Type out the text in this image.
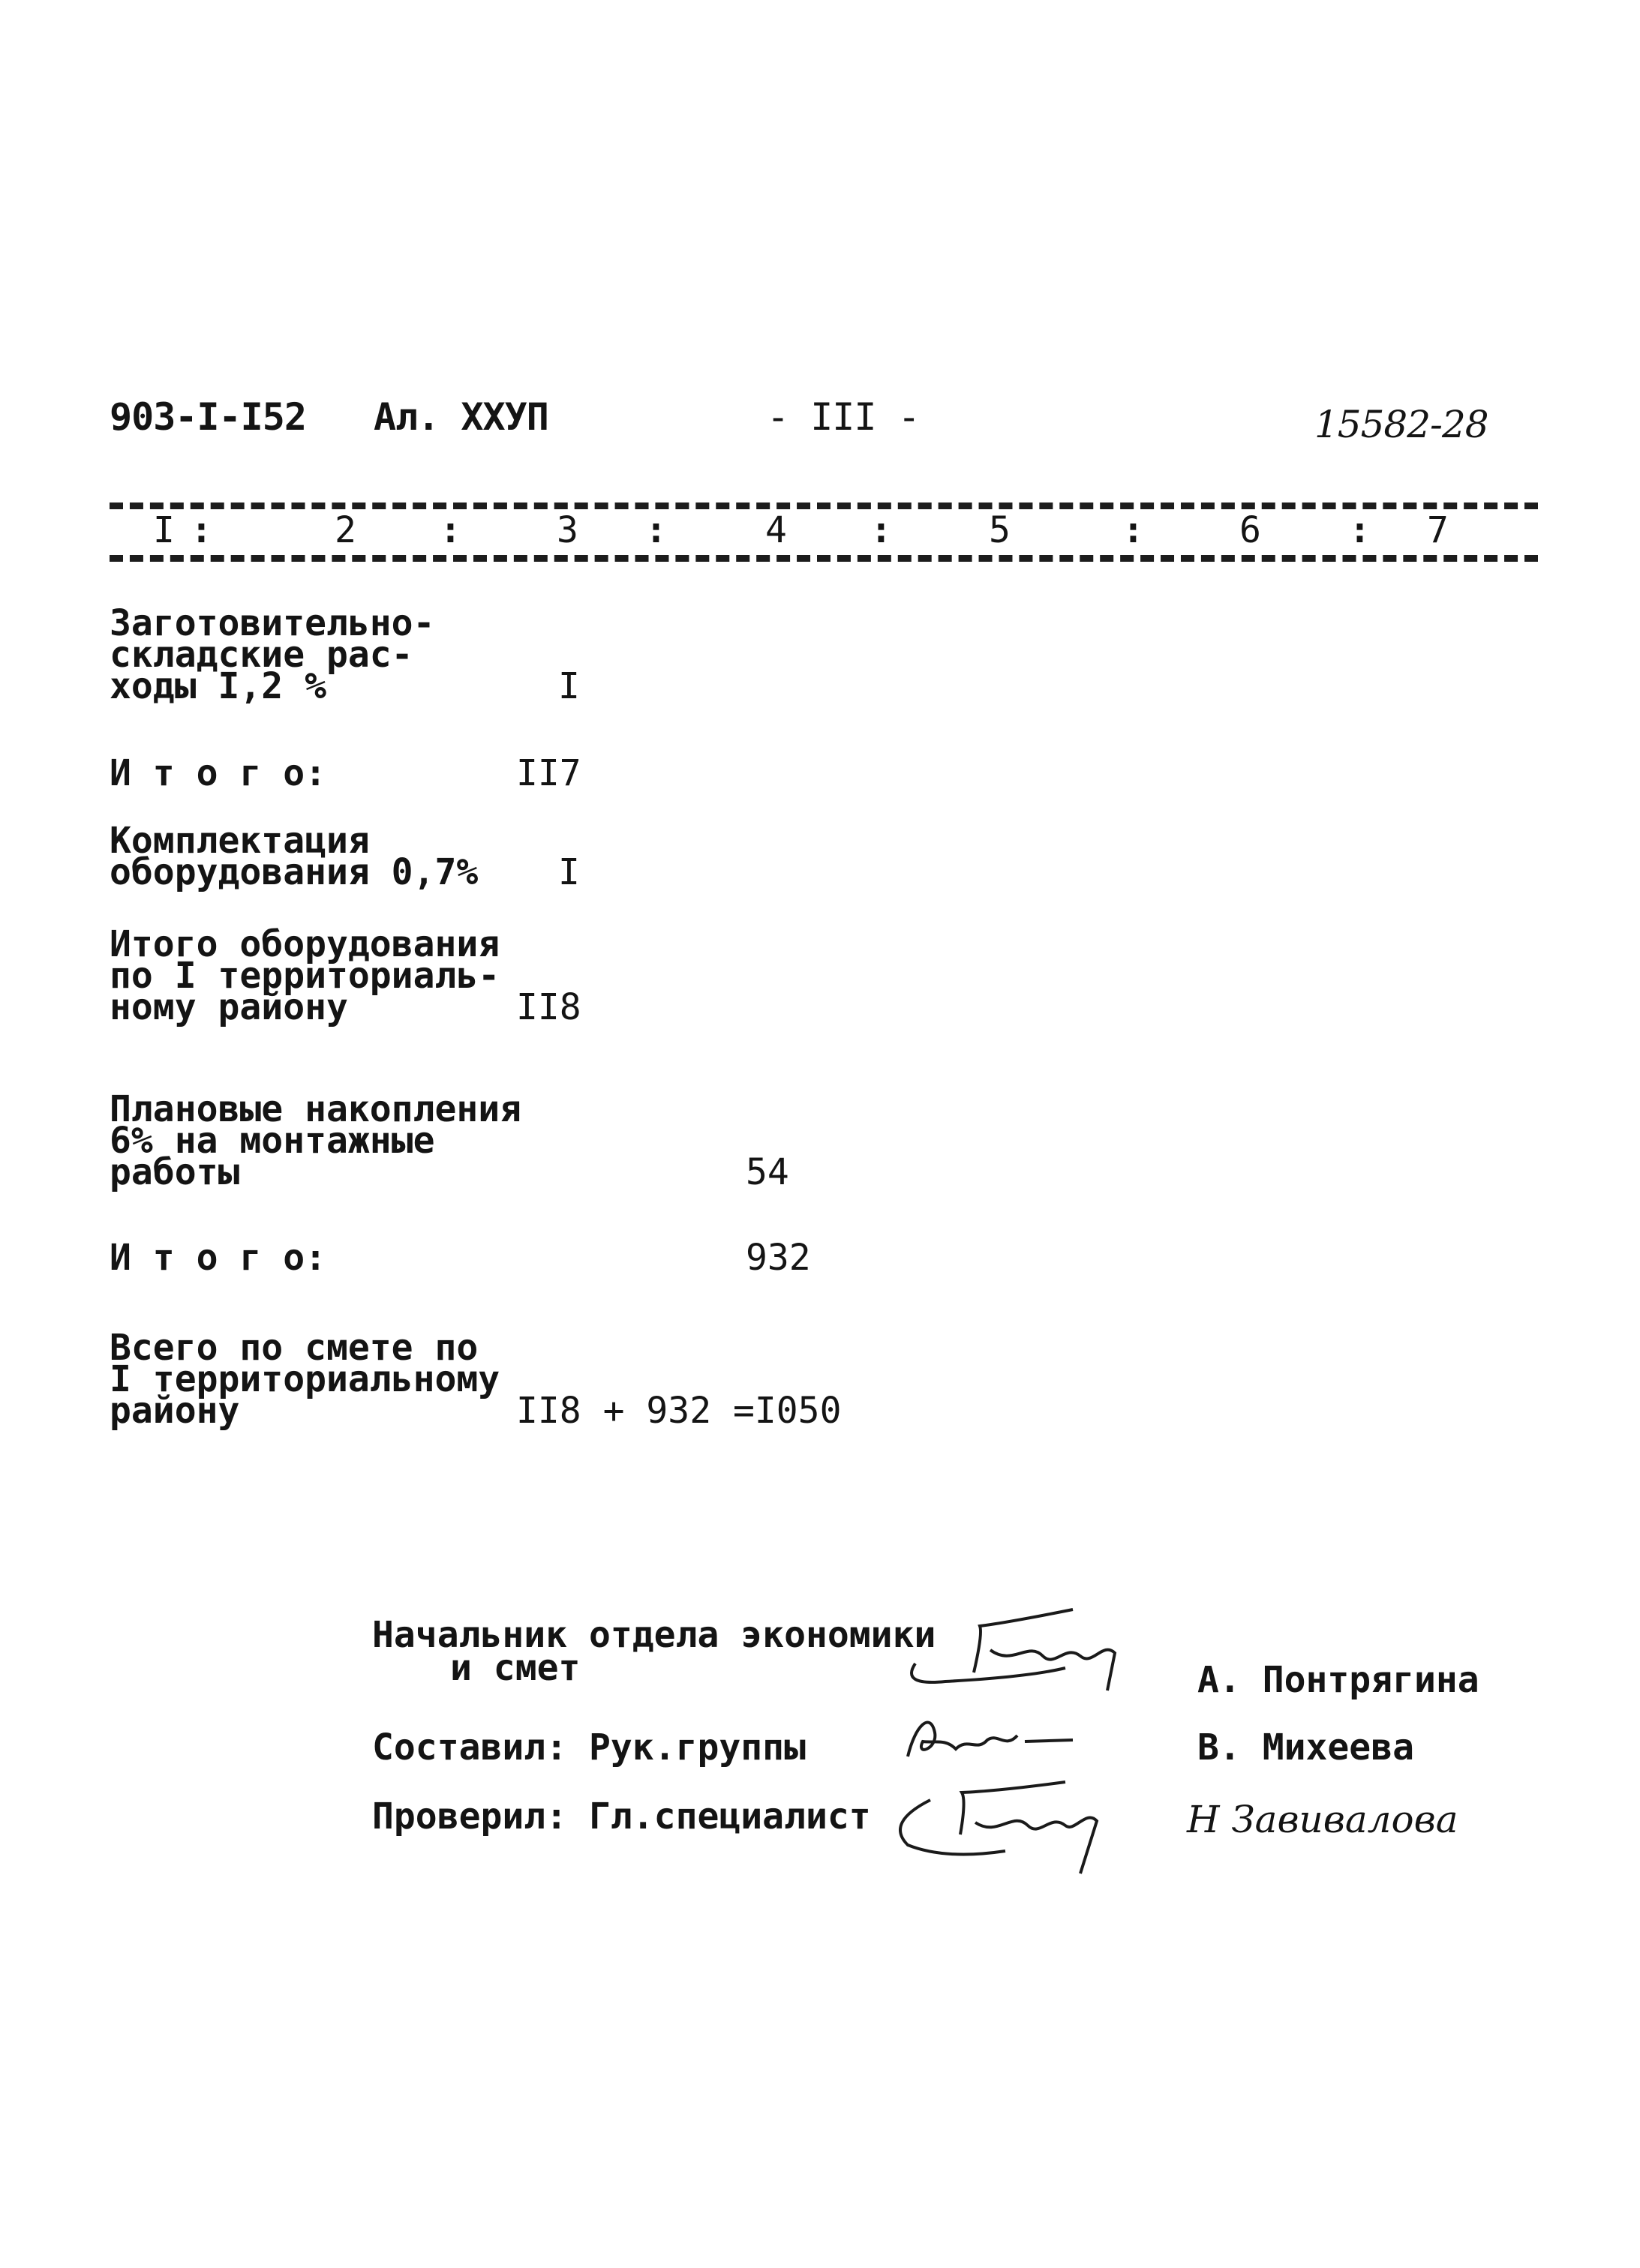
903-I-I52 Ал. XXУП	- III -	15582-28
I :	2 :	3 :	4 :	5	:	6 : 7
Заготовительно-
складские рас-
ходы I,2 %	I
И т о г о:	II7
Комплектация
оборудования 0,7% I
Итого оборудования
по I территориаль-
ному району	II8
Плановые накопления
6% на монтажные
работы	54
И т о г о:	932
Всего по смете по
I территориальному
району	II8 + 932 =I050
Начальник отдела экономики
и смет	А. Понтрягина
Составил: Рук.группы	В. Михеева
Проверил: Гл.специалист	Н Завивалова
